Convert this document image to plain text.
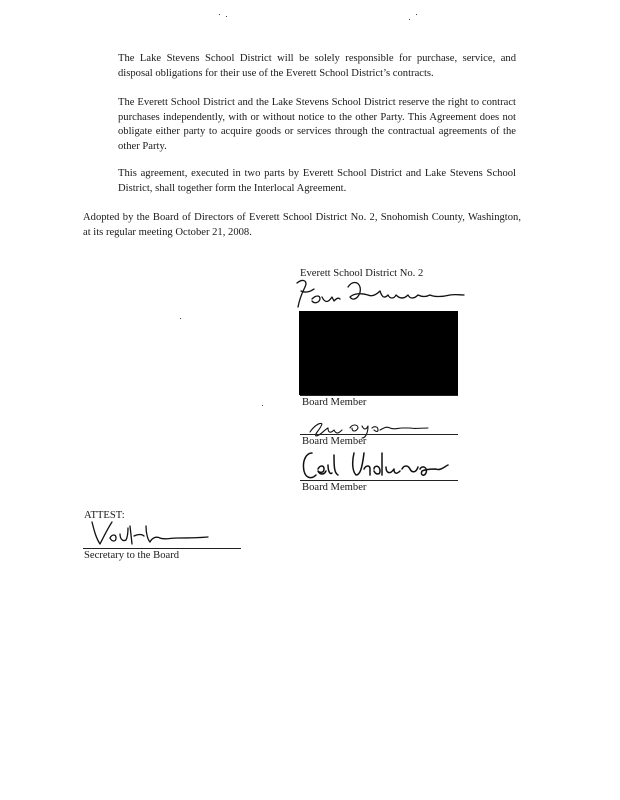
The Lake Stevens School District will be solely responsible for purchase, service, and disposal obligations for their use of the Everett School District’s contracts.

The Everett School District and the Lake Stevens School District reserve the right to contract purchases independently, with or without notice to the other Party. This Agreement does not obligate either party to acquire goods or services through the contractual agreements of the other Party.

This agreement, executed in two parts by Everett School District and Lake Stevens School District, shall together form the Interlocal Agreement.

Adopted by the Board of Directors of Everett School District No. 2, Snohomish County, Washington, at its regular meeting October 21, 2008.

Everett School District No. 2
Board Member
Board Member
Board Member
ATTEST:
Secretary to the Board
